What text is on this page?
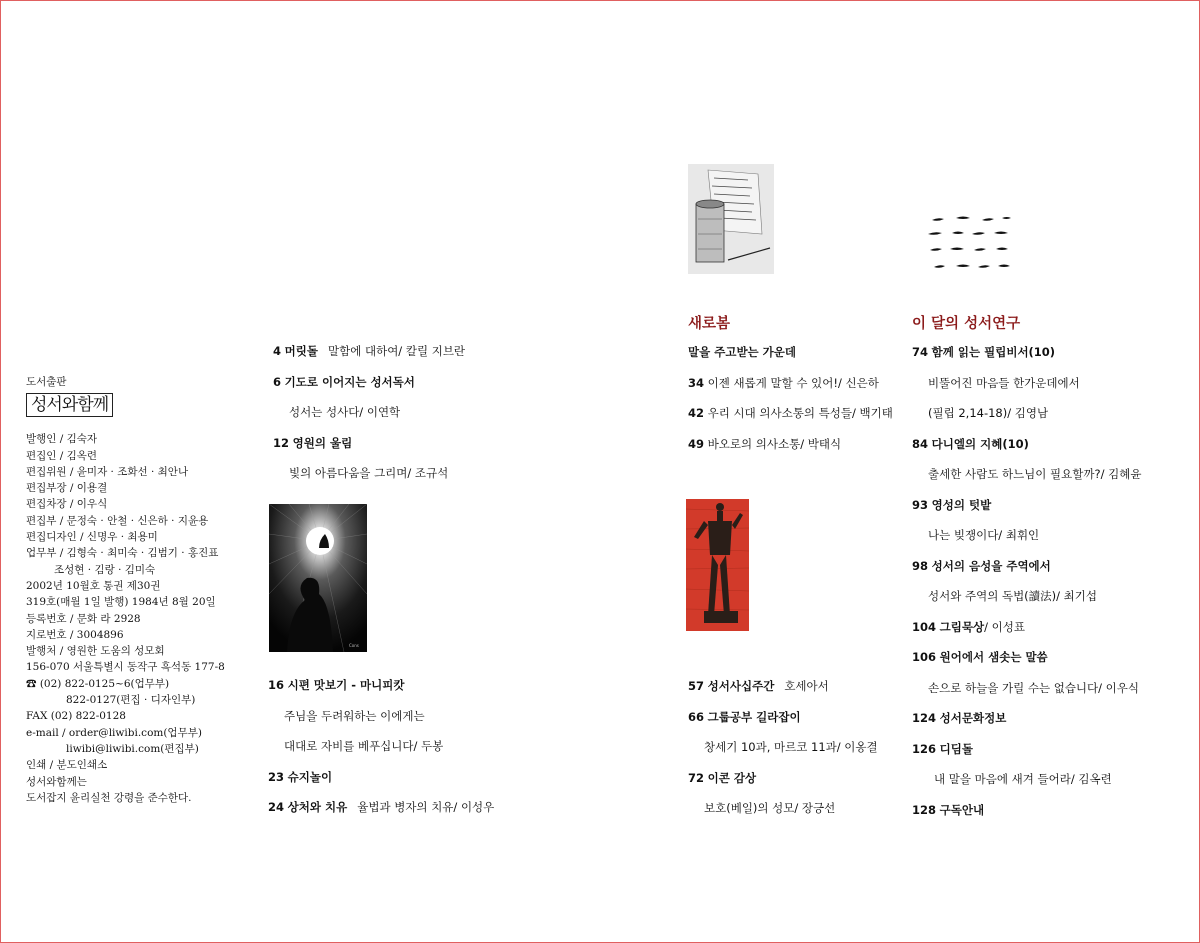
도서출판
성서와함께
발행인 / 김숙자
편집인 / 김옥련
편집위원 / 윤미자 · 조화선 · 최안나
편집부장 / 이용결
편집차장 / 이우식
편집부 / 문정숙 · 안철 · 신은하 · 지윤용
편집디자인 / 신명우 · 최용미
업무부 / 김형숙 · 최미숙 · 김범기 · 홍진표
조성현 · 김랑 · 김미숙
2002년 10월호 통권 제30권
319호(매월 1일 발행) 1984년 8월 20일
등록번호 / 문화 라 2928
지로번호 / 3004896
발행처 / 영원한 도움의 성모회
156-070 서울특별시 동작구 흑석동 177-8
☎ (02) 822-0125~6(업무부)
822-0127(편집 · 디자인부)
FAX (02) 822-0128
e-mail / order@liwibi.com(업무부)
liwibi@liwibi.com(편집부)
인쇄 / 분도인쇄소
성서와함께는
도서잡지 윤리실천 강령을 준수한다.
4 머릿돌 말함에 대하여/ 칼릴 지브란
6 기도로 이어지는 성서독서
성서는 성사다/ 이연학
12 영원의 울림
빛의 아름다움을 그리며/ 조규석
Cons
16 시편 맛보기 - 마니피캇
주님을 두려워하는 이에게는
대대로 자비를 베푸십니다/ 두봉
23 슈지놀이
24 상처와 치유 율법과 병자의 치유/ 이성우
새로봄
말을 주고받는 가운데
34 이젠 새롭게 말할 수 있어!/ 신은하
42 우리 시대 의사소통의 특성들/ 백기태
49 바오로의 의사소통/ 박태식
57 성서사십주간 호세아서
66 그룹공부 길라잡이
창세기 10과, 마르코 11과/ 이옹결
72 이콘 감상
보호(베일)의 성모/ 장긍선
이 달의 성서연구
74 함께 읽는 필립비서(10)
비뚤어진 마음들 한가운데에서
(필립 2,14-18)/ 김영남
84 다니엘의 지혜(10)
출세한 사람도 하느님이 필요할까?/ 김혜윤
93 영성의 텃밭
나는 빚쟁이다/ 최휘인
98 성서의 음성을 주역에서
성서와 주역의 독법(讀法)/ 최기섭
104 그림묵상/ 이성표
106 원어에서 샘솟는 말씀
손으로 하늘을 가릴 수는 없습니다/ 이우식
124 성서문화정보
126 디딤돌
내 말을 마음에 새겨 들어라/ 김옥련
128 구독안내
